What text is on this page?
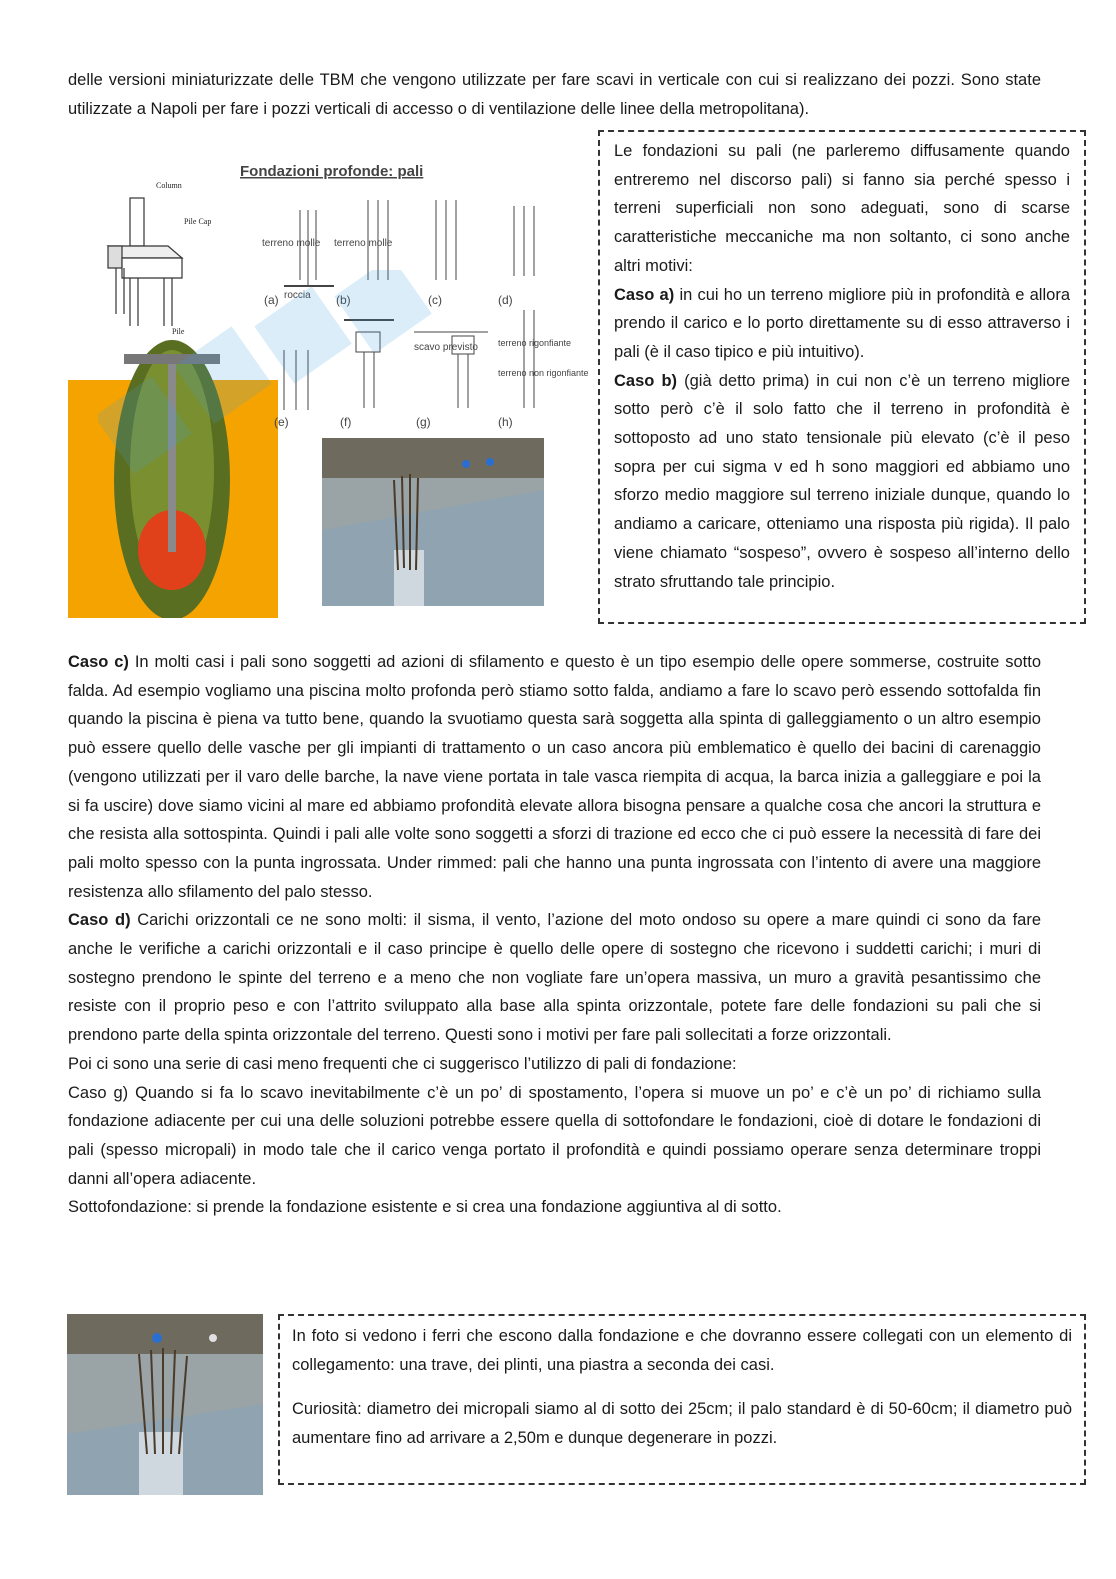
delle versioni miniaturizzate delle TBM che vengono utilizzate per fare scavi in verticale con cui si realizzano dei pozzi. Sono state utilizzate a Napoli per fare i pozzi verticali di accesso o di ventilazione delle linee della metropolitana).

Fondazioni profonde: pali
Column
Pile Cap
Pile
terreno molle terreno molle
roccia
scavo previsto terreno rigonfiante
terreno non rigonfiante
(a)	(b)	(c)	(d)
(e)	(f)	(g)	(h)

Le fondazioni su pali (ne parleremo diffusamente quando entreremo nel discorso pali) si fanno sia perché spesso i terreni superficiali non sono adeguati, sono di scarse caratteristiche meccaniche ma non soltanto, ci sono anche altri motivi:

Caso a) in cui ho un terreno migliore più in profondità e allora prendo il carico e lo porto direttamente su di esso attraverso i pali (è il caso tipico e più intuitivo).

Caso b) (già detto prima) in cui non c’è un terreno migliore sotto però c’è il solo fatto che il terreno in profondità è sottoposto ad uno stato tensionale più elevato (c’è il peso sopra per cui sigma v ed h sono maggiori ed abbiamo uno sforzo medio maggiore sul terreno iniziale dunque, quando lo andiamo a caricare, otteniamo una risposta più rigida). Il palo viene chiamato “sospeso”, ovvero è sospeso all’interno dello strato sfruttando tale principio.

Caso c) In molti casi i pali sono soggetti ad azioni di sfilamento e questo è un tipo esempio delle opere sommerse, costruite sotto falda. Ad esempio vogliamo una piscina molto profonda però stiamo sotto falda, andiamo a fare lo scavo però essendo sottofalda fin quando la piscina è piena va tutto bene, quando la svuotiamo questa sarà soggetta alla spinta di galleggiamento o un altro esempio può essere quello delle vasche per gli impianti di trattamento o un caso ancora più emblematico è quello dei bacini di carenaggio (vengono utilizzati per il varo delle barche, la nave viene portata in tale vasca riempita di acqua, la barca inizia a galleggiare e poi la si fa uscire) dove siamo vicini al mare ed abbiamo profondità elevate allora bisogna pensare a qualche cosa che ancori la struttura e che resista alla sottospinta. Quindi i pali alle volte sono soggetti a sforzi di trazione ed ecco che ci può essere la necessità di fare dei pali molto spesso con la punta ingrossata. Under rimmed: pali che hanno una punta ingrossata con l’intento di avere una maggiore resistenza allo sfilamento del palo stesso.

Caso d) Carichi orizzontali ce ne sono molti: il sisma, il vento, l’azione del moto ondoso su opere a mare quindi ci sono da fare anche le verifiche a carichi orizzontali e il caso principe è quello delle opere di sostegno che ricevono i suddetti carichi; i muri di sostegno prendono le spinte del terreno e a meno che non vogliate fare un’opera massiva, un muro a gravità pesantissimo che resiste con il proprio peso e con l’attrito sviluppato alla base alla spinta orizzontale, potete fare delle fondazioni su pali che si prendono parte della spinta orizzontale del terreno. Questi sono i motivi per fare pali sollecitati a forze orizzontali.

Poi ci sono una serie di casi meno frequenti che ci suggerisco l’utilizzo di pali di fondazione:

Caso g) Quando si fa lo scavo inevitabilmente c’è un po’ di spostamento, l’opera si muove un po’ e c’è un po’ di richiamo sulla fondazione adiacente per cui una delle soluzioni potrebbe essere quella di sottofondare le fondazioni, cioè di dotare le fondazioni di pali (spesso micropali) in modo tale che il carico venga portato il profondità e quindi possiamo operare senza determinare troppi danni all’opera adiacente.

Sottofondazione: si prende la fondazione esistente e si crea una fondazione aggiuntiva al di sotto.

In foto si vedono i ferri che escono dalla fondazione e che dovranno essere collegati con un elemento di collegamento: una trave, dei plinti, una piastra a seconda dei casi.

Curiosità: diametro dei micropali siamo al di sotto dei 25cm; il palo standard è di 50-60cm; il diametro può aumentare fino ad arrivare a 2,50m e dunque degenerare in pozzi.
